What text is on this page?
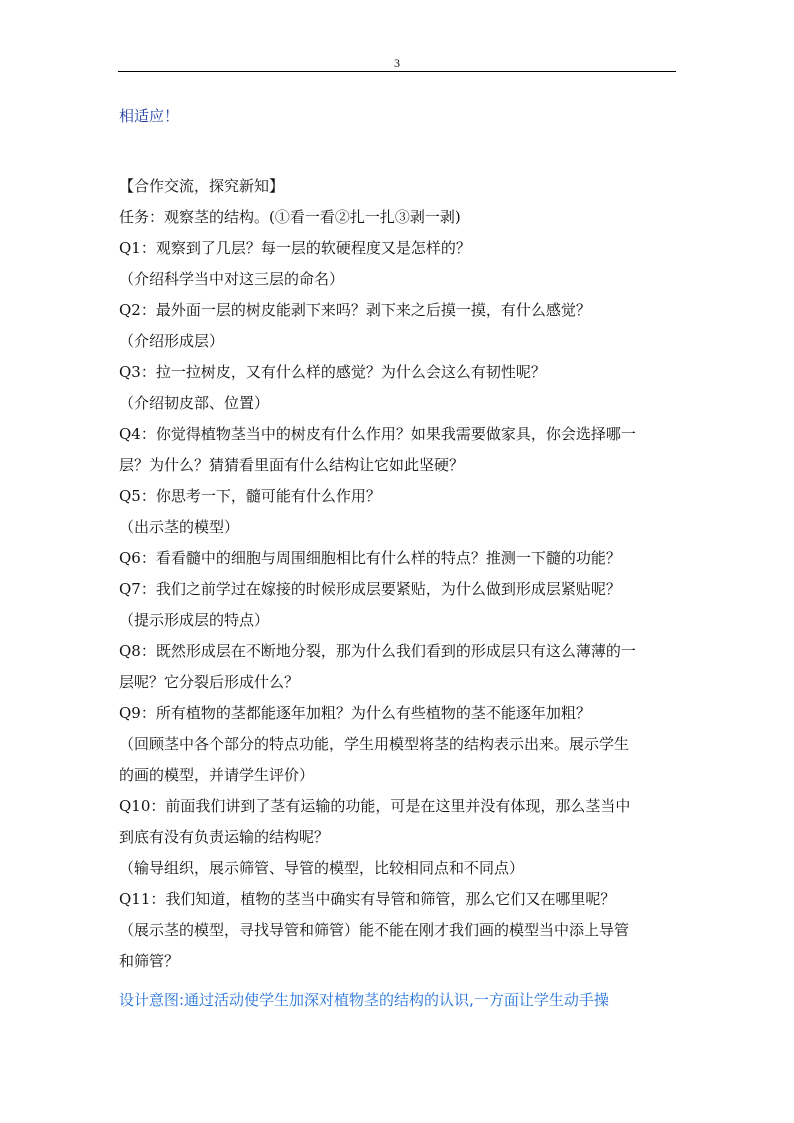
3
相适应！
【合作交流，探究新知】
任务：观察茎的结构。(①看一看②扎一扎③剥一剥)
Q1：观察到了几层？每一层的软硬程度又是怎样的？
（介绍科学当中对这三层的命名）
Q2：最外面一层的树皮能剥下来吗？剥下来之后摸一摸，有什么感觉？
（介绍形成层）
Q3：拉一拉树皮，又有什么样的感觉？为什么会这么有韧性呢？
（介绍韧皮部、位置）
Q4：你觉得植物茎当中的树皮有什么作用？如果我需要做家具，你会选择哪一
层？为什么？猜猜看里面有什么结构让它如此坚硬？
Q5：你思考一下，髓可能有什么作用？
（出示茎的模型）
Q6：看看髓中的细胞与周围细胞相比有什么样的特点？推测一下髓的功能？
Q7：我们之前学过在嫁接的时候形成层要紧贴，为什么做到形成层紧贴呢？
（提示形成层的特点）
Q8：既然形成层在不断地分裂，那为什么我们看到的形成层只有这么薄薄的一
层呢？它分裂后形成什么？
Q9：所有植物的茎都能逐年加粗？为什么有些植物的茎不能逐年加粗？
（回顾茎中各个部分的特点功能，学生用模型将茎的结构表示出来。展示学生
的画的模型，并请学生评价）
Q10：前面我们讲到了茎有运输的功能，可是在这里并没有体现，那么茎当中
到底有没有负责运输的结构呢？
（输导组织，展示筛管、导管的模型，比较相同点和不同点）
Q11：我们知道，植物的茎当中确实有导管和筛管，那么它们又在哪里呢？
（展示茎的模型，寻找导管和筛管）能不能在刚才我们画的模型当中添上导管
和筛管？
设计意图:通过活动使学生加深对植物茎的结构的认识,一方面让学生动手操
